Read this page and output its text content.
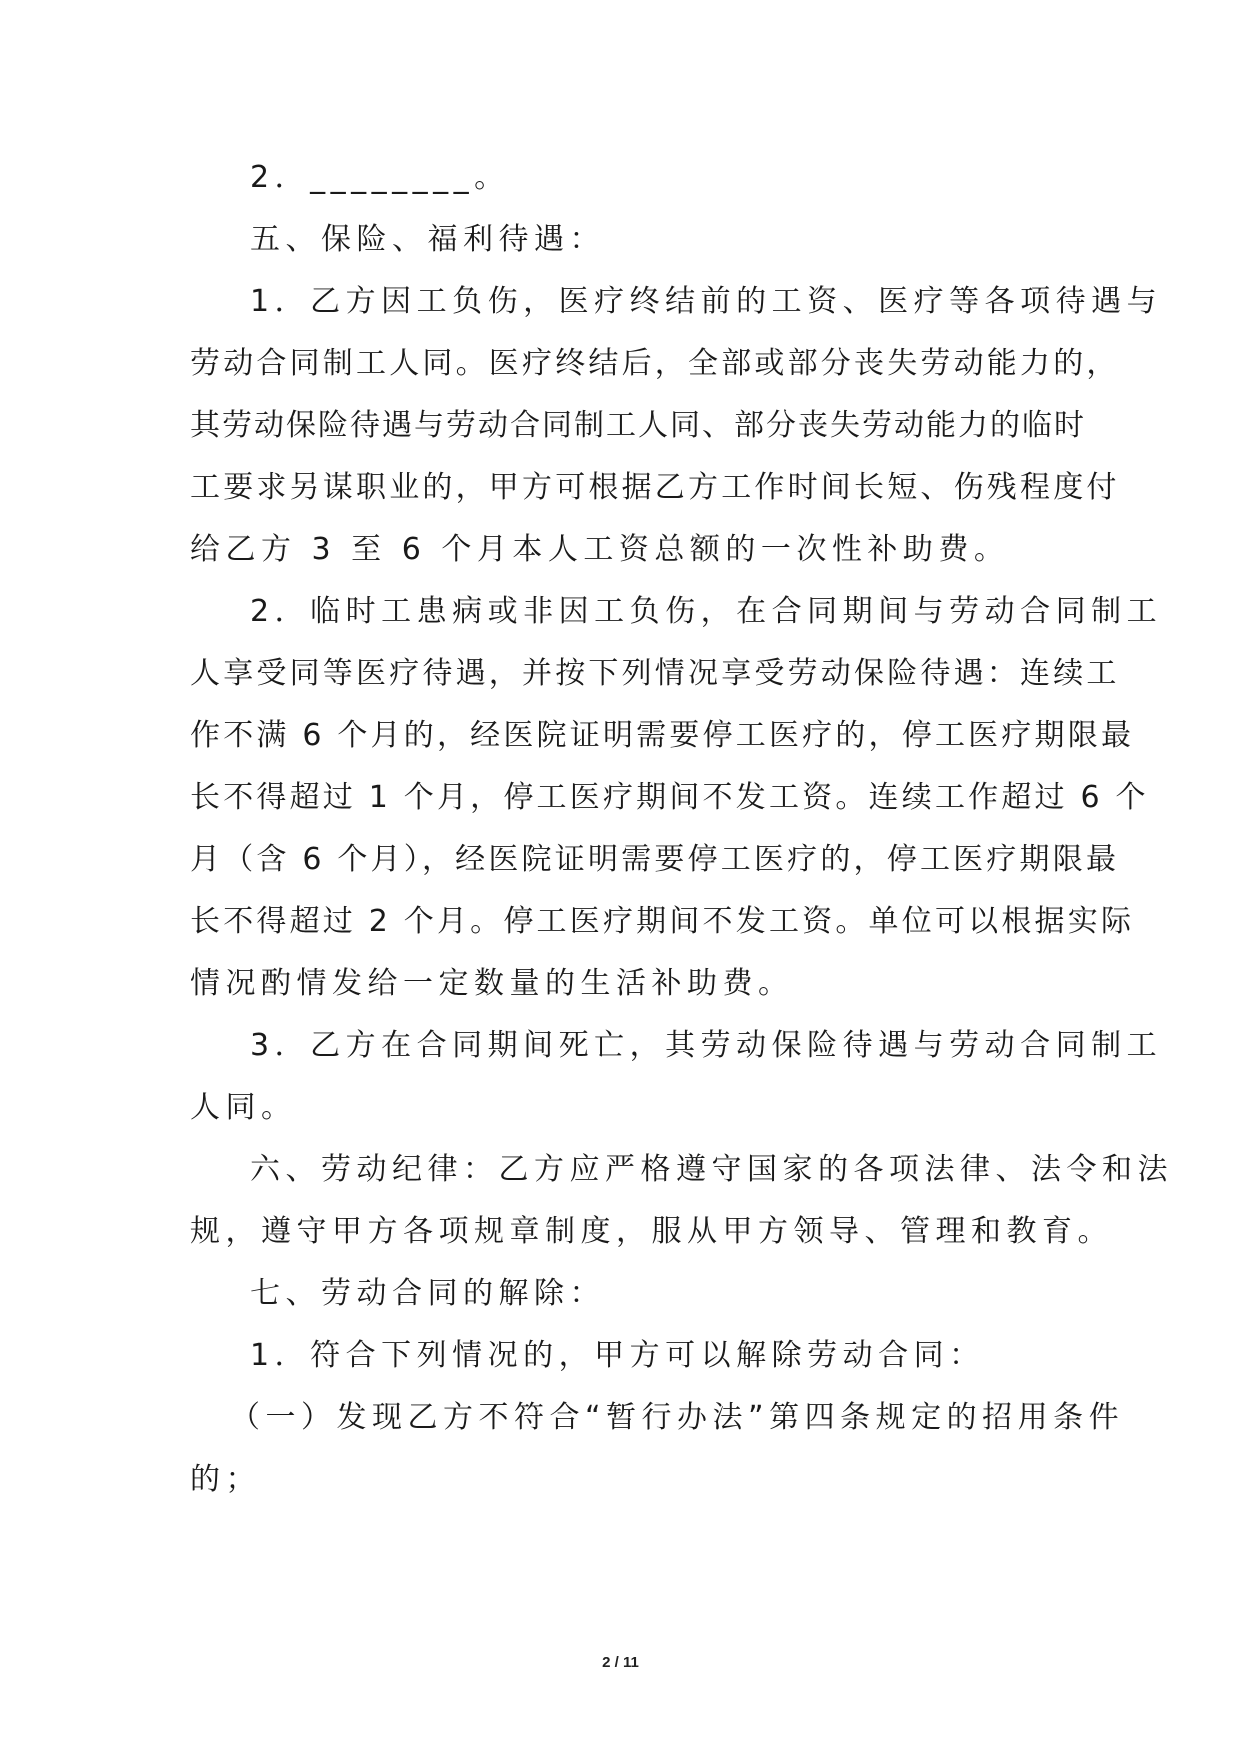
2．________。
五、保险、福利待遇：
1．乙方因工负伤，医疗终结前的工资、医疗等各项待遇与
劳动合同制工人同。医疗终结后，全部或部分丧失劳动能力的，
其劳动保险待遇与劳动合同制工人同、部分丧失劳动能力的临时
工要求另谋职业的，甲方可根据乙方工作时间长短、伤残程度付
给乙方 3 至 6 个月本人工资总额的一次性补助费。
2．临时工患病或非因工负伤，在合同期间与劳动合同制工
人享受同等医疗待遇，并按下列情况享受劳动保险待遇：连续工
作不满 6 个月的，经医院证明需要停工医疗的，停工医疗期限最
长不得超过 1 个月，停工医疗期间不发工资。连续工作超过 6 个
月（含 6 个月），经医院证明需要停工医疗的，停工医疗期限最
长不得超过 2 个月。停工医疗期间不发工资。单位可以根据实际
情况酌情发给一定数量的生活补助费。
3．乙方在合同期间死亡，其劳动保险待遇与劳动合同制工
人同。
六、劳动纪律：乙方应严格遵守国家的各项法律、法令和法
规，遵守甲方各项规章制度，服从甲方领导、管理和教育。
七、劳动合同的解除：
1．符合下列情况的，甲方可以解除劳动合同：
（一）发现乙方不符合“暂行办法”第四条规定的招用条件
的；
2 / 11
